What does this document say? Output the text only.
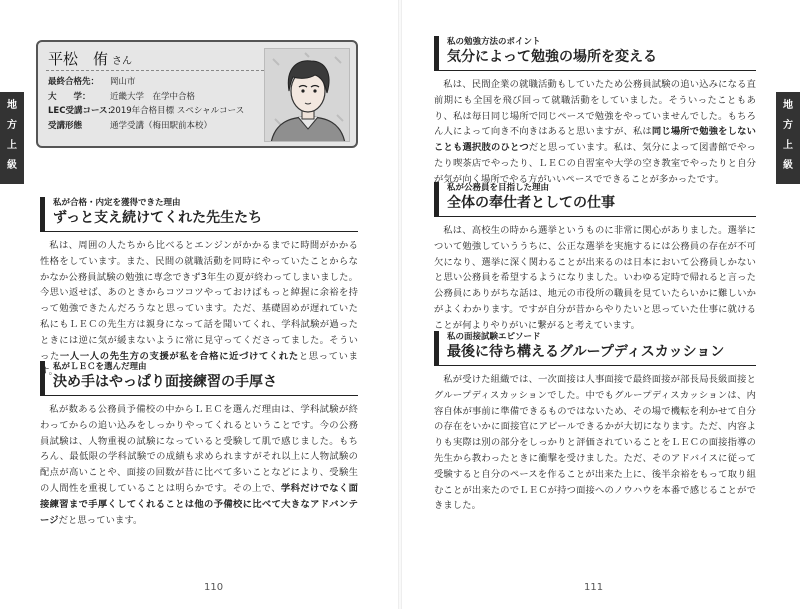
地
方
上
級
平松　侑 さん
最終合格先： 岡山市
大　　学： 近畿大学　在学中合格
LEC受講コース：2019年合格目標 スペシャルコース
受講形態	通学受講（梅田駅前本校）
私が合格・内定を獲得できた理由
ずっと支え続けてくれた先生たち

私は、周囲の人たちから比べるとエンジンがかかるまでに時間がかかる性格をしています。また、民間の就職活動を同時にやっていたことからなかなか公務員試験の勉強に専念できず3年生の夏が終わってしまいました。今思い返せば、あのときからコツコツやっておけばもっと綽握に余裕を持って勉強できたんだろうなと思っています。ただ、基礎固めが遅れていた私にもＬＥＣの先生方は親身になって話を聞いてくれ、学科試験が過ったときには逆に気が緩まないように常に見守ってくださってました。そういった一人一人の先生方の支援が私を合格に近づけてくれたと思っています。

私がＬＥＣを選んだ理由
決め手はやっぱり面接練習の手厚さ

私が数ある公務員予備校の中からＬＥＣを選んだ理由は、学科試験が終わってからの追い込みをしっかりやってくれるということです。今の公務員試験は、人物重視の試験になっていると受験して肌で感じました。もちろん、最低限の学科試験での成績も求められますがそれ以上に人物試験の配点が高いことや、面接の回数が昔に比べて多いことなどにより、受験生の人間性を重視していることは明らかです。その上で、学科だけでなく面接練習まで手厚くしてくれることは他の予備校に比べて大きなアドバンテージだと思っています。

110
地
方
上
級
私の勉強方法のポイント
気分によって勉強の場所を変える

私は、民間企業の就職活動もしていたため公務員試験の追い込みになる直前期にも全国を飛び回って就職活動をしていました。そういったこともあり、私は毎日同じ場所で同じペースで勉強をやっていませんでした。もちろん人によって向き不向きはあると思いますが、私は同じ場所で勉強をしないことも選択肢のひとつだと思っています。私は、気分によって図書館でやったり喫茶店でやったり、ＬＥＣの自習室や大学の空き教室でやったりと自分が気が向く場所でやる方がいいペースでできることが多かったです。

私が公務員を目指した理由
全体の奉仕者としての仕事

私は、高校生の時から選挙というものに非常に関心がありました。選挙について勉強していううちに、公正な選挙を実施するには公務員の存在が不可欠になり、選挙に深く関わることが出来るのは日本において公務員しかないと思い公務員を希望するようになりました。いわゆる定時で帰れると言った公務員にありがちな話は、地元の市役所の職員を見ていたらいかに難しいかがよくわかります。ですが自分が昔からやりたいと思っていた仕事に就けることが何よりやりがいに繋がると考えています。

私の面接試験エピソード
最後に待ち構えるグループディスカッション

私が受けた組織では、一次面接は人事面接で最終面接が部長局長級面接とグループディスカッションでした。中でもグループディスカッションは、内容自体が事前に準備できるものではないため、その場で機転を利かせて自分の存在をいかに面接官にアピールできるかが大切になります。ただ、内容よりも実際は別の部分をしっかりと評価されていることをＬＥＣの面接指導の先生から教わったときに衝撃を受けました。ただ、そのアドバイスに従って受験すると自分のペースを作ることが出来た上に、後半余裕をもって取り組むことが出来たのでＬＥＣが持つ面接へのノウハウを本番で感じることができました。

111
